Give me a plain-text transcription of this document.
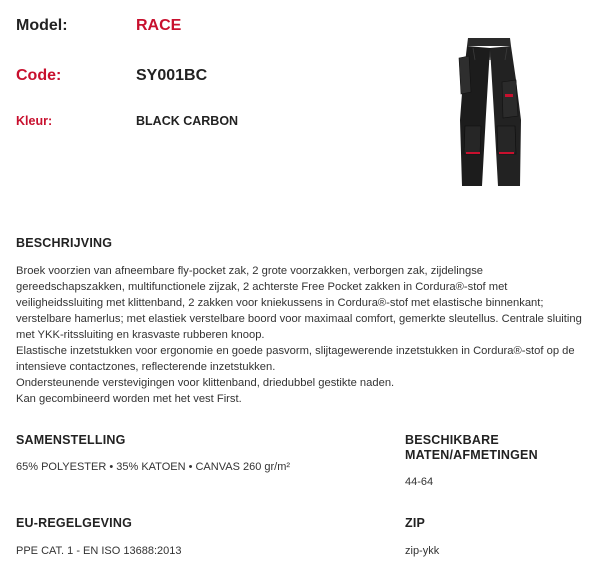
Model:	RACE
Code:	SY001BC
Kleur:	BLACK CARBON
BESCHRIJVING

Broek voorzien van afneembare fly-pocket zak, 2 grote voorzakken, verborgen zak, zijdelingse

gereedschapszakken, multifunctionele zijzak, 2 achterste Free Pocket zakken in Cordura®-stof met

veiligheidssluiting met klittenband, 2 zakken voor kniekussens in Cordura®-stof met elastische binnenkant;

verstelbare hamerlus; met elastiek verstelbare boord voor maximaal comfort, gemerkte sleutellus. Centrale sluiting

met YKK-ritssluiting en krasvaste rubberen knoop.

Elastische inzetstukken voor ergonomie en goede pasvorm, slijtagewerende inzetstukken in Cordura®-stof op de

intensieve contactzones, reflecterende inzetstukken.

Ondersteunende verstevigingen voor klittenband, driedubbel gestikte naden.

Kan gecombineerd worden met het vest First.

SAMENSTELLING
65% POLYESTER • 35% KATOEN • CANVAS 260 gr/m²
BESCHIKBARE
MATEN/AFMETINGEN
44-64
EU-REGELGEVING
PPE CAT. 1 - EN ISO 13688:2013
ZIP
zip-ykk
